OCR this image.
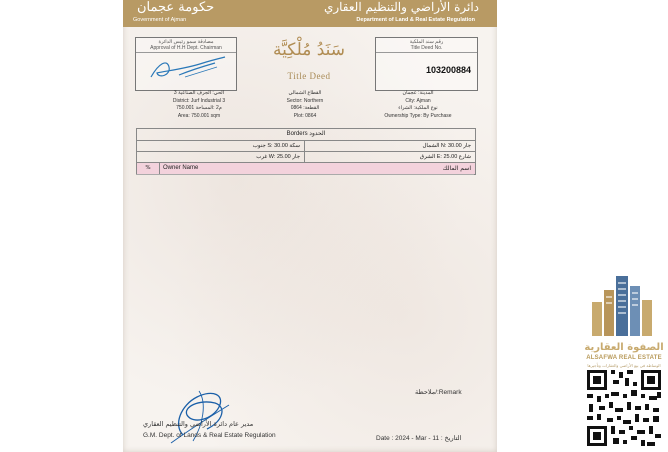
حكومة عجمان
Government of Ajman
دائرة الأراضي والتنظيم العقاري
Department of Land & Real Estate Regulation
مصادقة سمو رئيس الدائرة
Approval of H.H Dept. Chairman	سَنَدُ مُلْكِيَّة
Title Deed
رقم سند الملكية
Title Deed No.
103200884
الحي: الجرف الصناعية 3
District: Jurf Industrial 3
750.001 م2 :المساحة
Area: 750.001 sqm
القطاع الشمالي
Sector: Northern
0864 :القطعة
Plot: 0864
المدينة: عجمان
City: Ajman
نوع الملكية: الشراء
Ownership Type: By Purchase
Borders الحدود
جنوب S: سكة 30.00	الشمال N: جار 30.00
غرب W: جار 25.00	الشرق E: شارع 25.00
%	Owner Name	اسم المالك
ملاحظة/:Remark
مدير عام دائرة الأراضي والتنظيم العقاري
G.M. Dept. of Lands & Real Estate Regulation	Date : 2024 - Mar - 11 : التاريخ
الصفوة العقارية
ALSAFWA REAL ESTATE
الوساطة في بيع الأراضي والعقارات وتأجيرها
